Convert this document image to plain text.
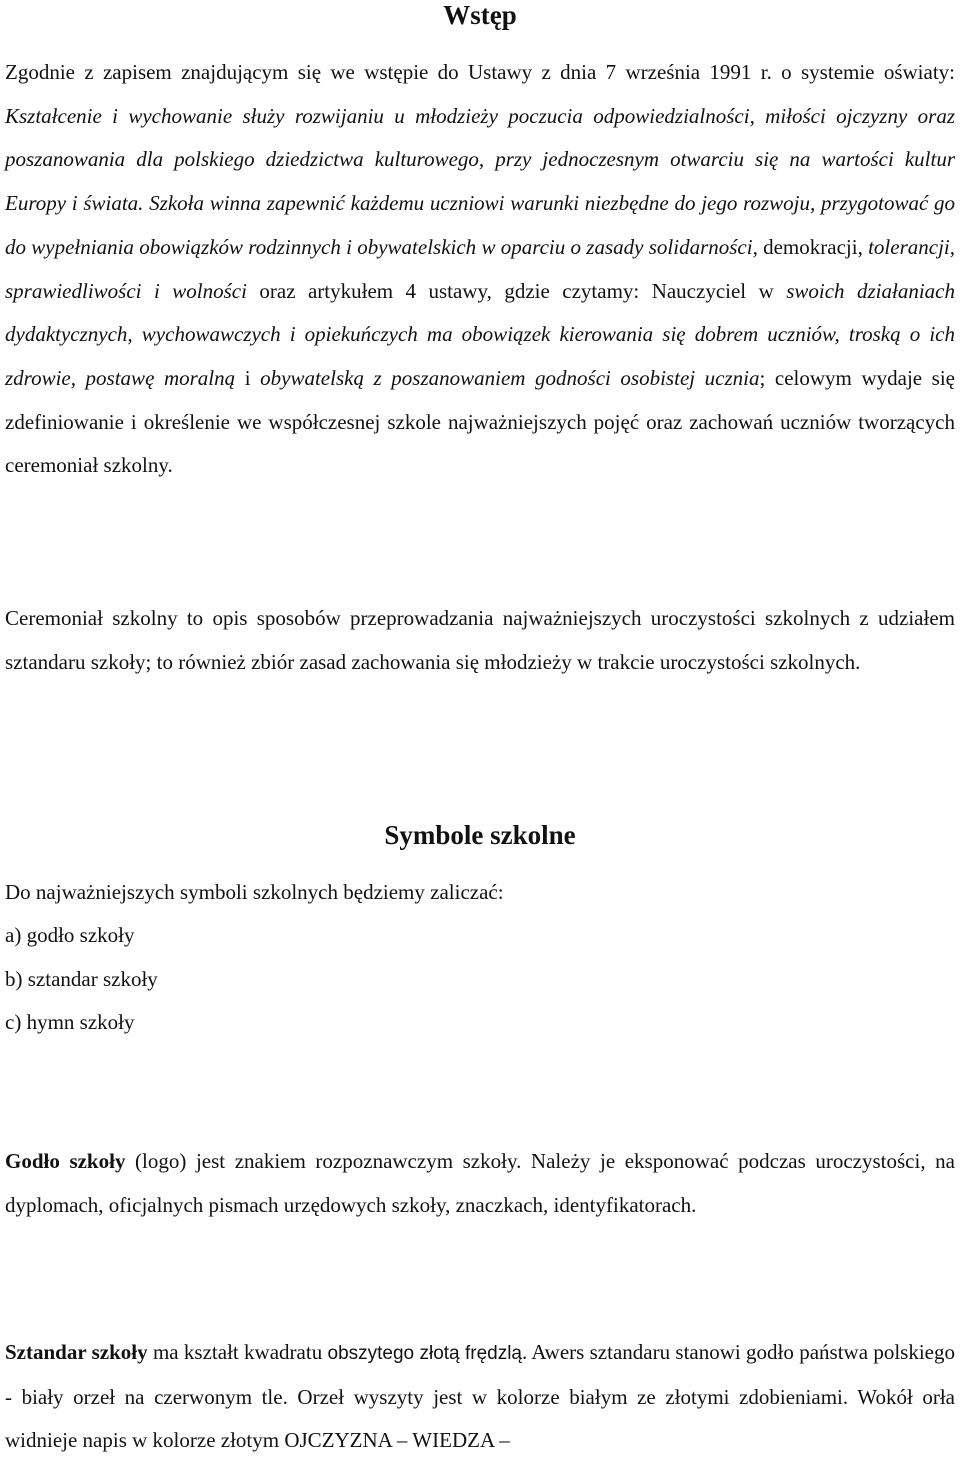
Wstęp

Zgodnie z zapisem znajdującym się we wstępie do Ustawy z dnia 7 września 1991 r. o systemie oświaty: Kształcenie i wychowanie służy rozwijaniu u młodzieży poczucia odpowiedzialności, miłości ojczyzny oraz poszanowania dla polskiego dziedzictwa kulturowego, przy jednoczesnym otwarciu się na wartości kultur Europy i świata. Szkoła winna zapewnić każdemu uczniowi warunki niezbędne do jego rozwoju, przygotować go do wypełniania obowiązków rodzinnych i obywatelskich w oparciu o zasady solidarności, demokracji, tolerancji, sprawiedliwości i wolności oraz artykułem 4 ustawy, gdzie czytamy: Nauczyciel w swoich działaniach dydaktycznych, wychowawczych i opiekuńczych ma obowiązek kierowania się dobrem uczniów, troską o ich zdrowie, postawę moralną i obywatelską z poszanowaniem godności osobistej ucznia; celowym wydaje się zdefiniowanie i określenie we współczesnej szkole najważniejszych pojęć oraz zachowań uczniów tworzących ceremoniał szkolny.

Ceremoniał szkolny to opis sposobów przeprowadzania najważniejszych uroczystości szkolnych z udziałem sztandaru szkoły; to również zbiór zasad zachowania się młodzieży w trakcie uroczystości szkolnych.

Symbole szkolne

Do najważniejszych symboli szkolnych będziemy zaliczać:

a) godło szkoły
b) sztandar szkoły
c) hymn szkoły

Godło szkoły (logo) jest znakiem rozpoznawczym szkoły. Należy je eksponować podczas uroczystości, na dyplomach, oficjalnych pismach urzędowych szkoły, znaczkach, identyfikatorach.

Sztandar szkoły ma kształt kwadratu obszytego złotą frędzlą. Awers sztandaru stanowi godło państwa polskiego - biały orzeł na czerwonym tle. Orzeł wyszyty jest w kolorze białym ze złotymi zdobieniami. Wokół orła widnieje napis w kolorze złotym OJCZYZNA – WIEDZA –
